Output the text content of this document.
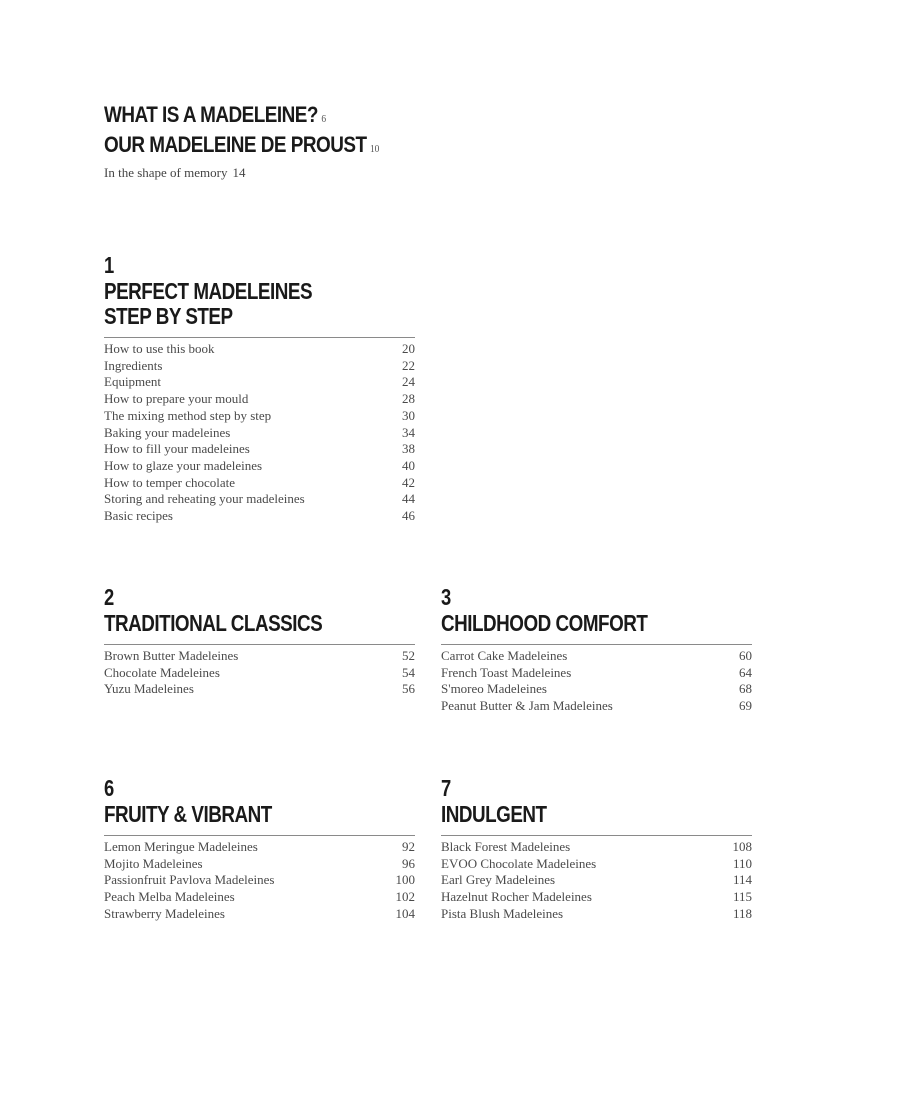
WHAT IS A MADELEINE? 6
OUR MADELEINE DE PROUST 10
In the shape of memory 14
1
PERFECT MADELEINES
STEP BY STEP
How to use this book	20
Ingredients	22
Equipment	24
How to prepare your mould	28
The mixing method step by step	30
Baking your madeleines	34
How to fill your madeleines	38
How to glaze your madeleines	40
How to temper chocolate	42
Storing and reheating your madeleines	44
Basic recipes	46
2
TRADITIONAL CLASSICS
Brown Butter Madeleines	52
Chocolate Madeleines	54
Yuzu Madeleines	56
3
CHILDHOOD COMFORT
Carrot Cake Madeleines	60
French Toast Madeleines	64
S'moreo Madeleines	68
Peanut Butter & Jam Madeleines	69
6
FRUITY & VIBRANT
Lemon Meringue Madeleines	92
Mojito Madeleines	96
Passionfruit Pavlova Madeleines	100
Peach Melba Madeleines	102
Strawberry Madeleines	104
7
INDULGENT
Black Forest Madeleines	108
EVOO Chocolate Madeleines	110
Earl Grey Madeleines	114
Hazelnut Rocher Madeleines	115
Pista Blush Madeleines	118
